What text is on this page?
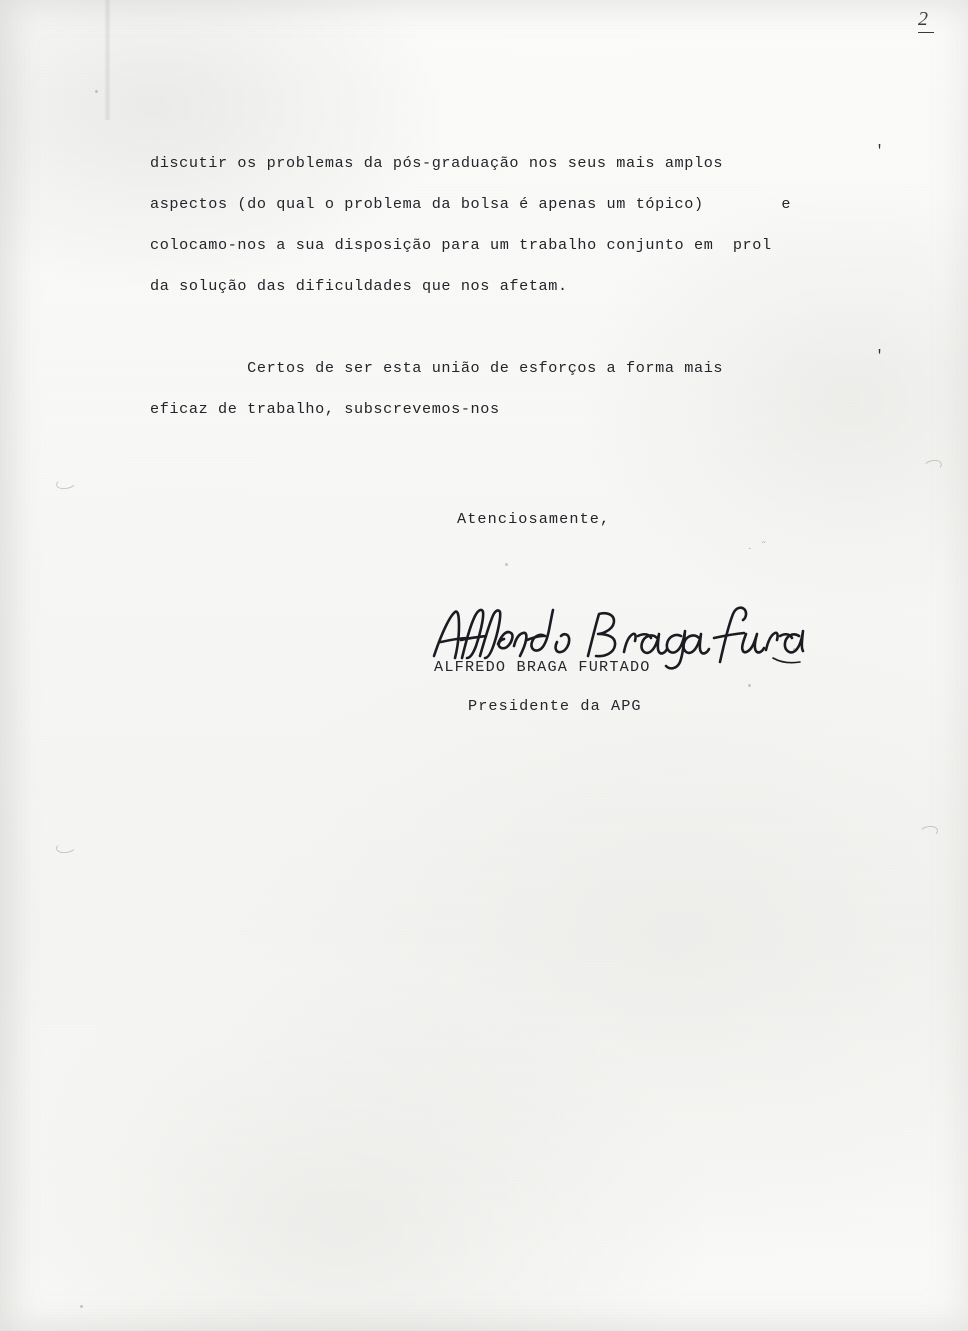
2
discutir os problemas da pós-graduação nos seus mais amplos
aspectos (do qual o problema da bolsa é apenas um tópico)        e
colocamo-nos a sua disposição para um trabalho conjunto em  prol
da solução das dificuldades que nos afetam.
'
Certos de ser esta união de esforços a forma mais
eficaz de trabalho, subscrevemos-nos
'
Atenciosamente,
ALFREDO BRAGA FURTADO
Presidente da APG
· ˝
